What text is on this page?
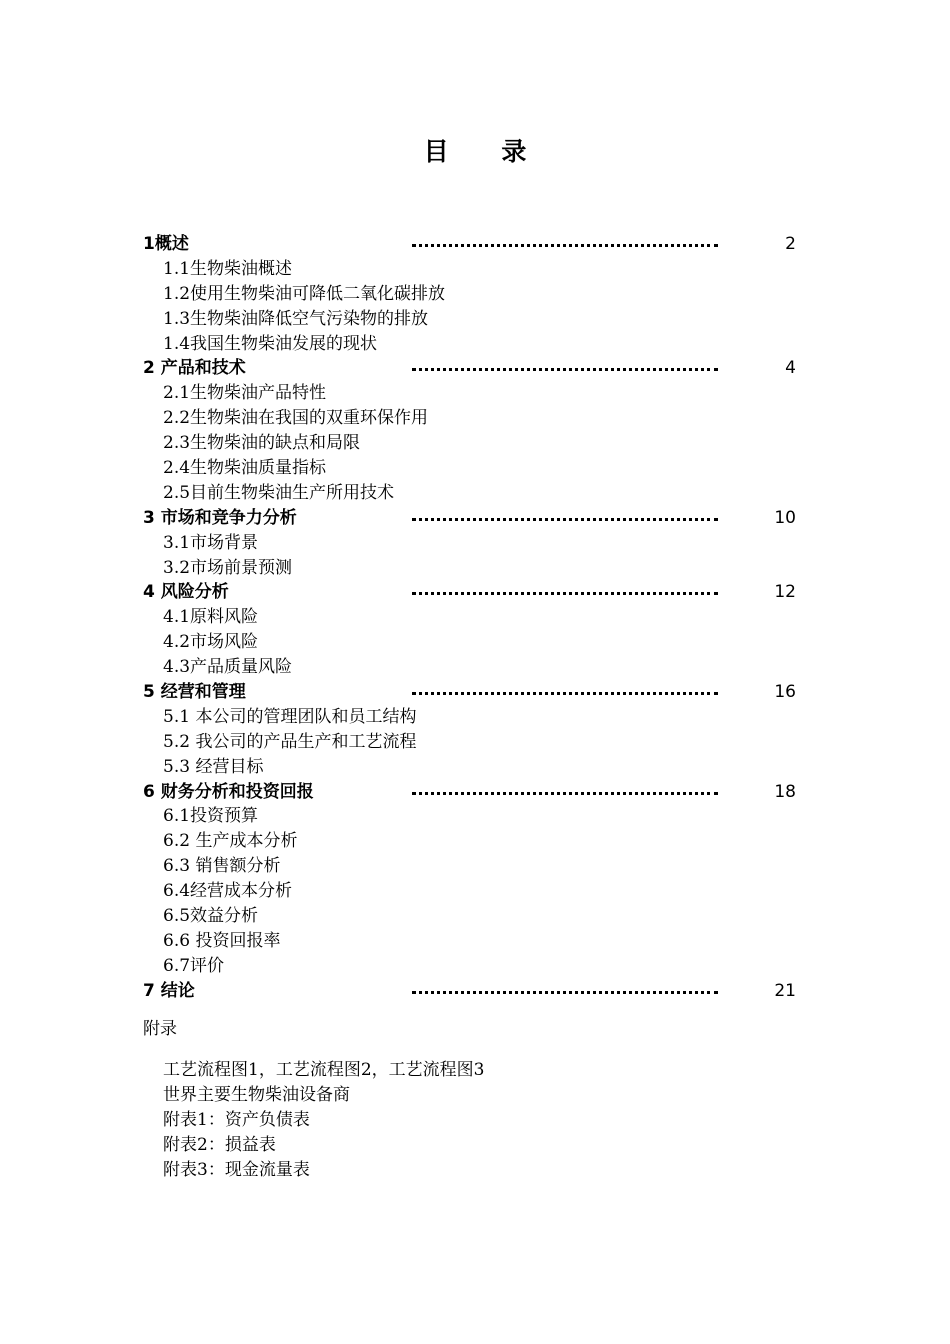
目 录
1概述	2
1.1生物柴油概述
1.2使用生物柴油可降低二氧化碳排放
1.3生物柴油降低空气污染物的排放
1.4我国生物柴油发展的现状
2 产品和技术	4
2.1生物柴油产品特性
2.2生物柴油在我国的双重环保作用
2.3生物柴油的缺点和局限
2.4生物柴油质量指标
2.5目前生物柴油生产所用技术
3 市场和竞争力分析	10
3.1市场背景
3.2市场前景预测
4 风险分析	12
4.1原料风险
4.2市场风险
4.3产品质量风险
5 经营和管理	16
5.1 本公司的管理团队和员工结构
5.2 我公司的产品生产和工艺流程
5.3 经营目标
6 财务分析和投资回报	18
6.1投资预算
6.2 生产成本分析
6.3 销售额分析
6.4经营成本分析
6.5效益分析
6.6 投资回报率
6.7评价
7 结论	21
附录
工艺流程图1，工艺流程图2，工艺流程图3
世界主要生物柴油设备商
附表1：资产负债表
附表2：损益表
附表3：现金流量表
